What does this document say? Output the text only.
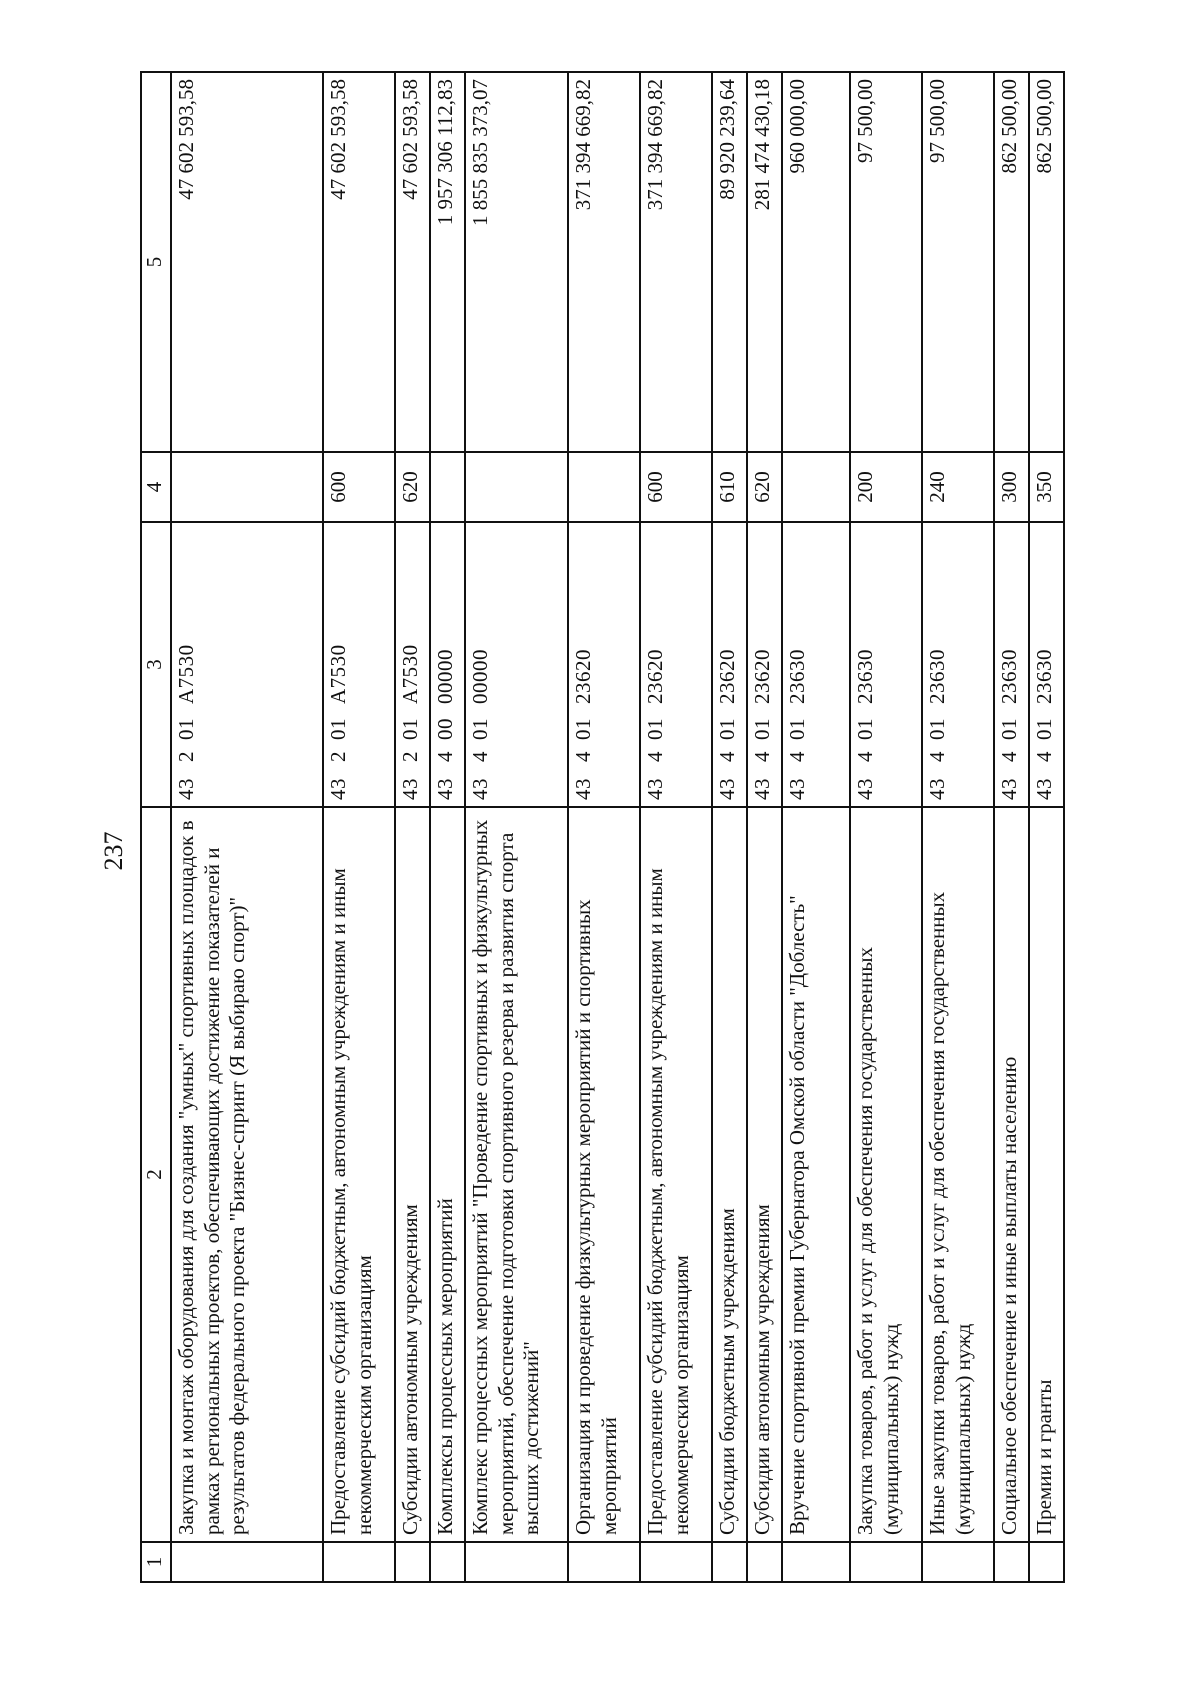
237
1	2	3	4	5
	Закупка и монтаж оборудования для создания "умных" спортивных площадок в рамках региональных проектов, обеспечивающих достижение показателей и результатов федерального проекта "Бизнес-спринт (Я выбираю спорт)"	43201А7530		47 602 593,58
	Предоставление субсидий бюджетным, автономным учреждениям и иным некоммерческим организациям	43201А7530	600	47 602 593,58
	Субсидии автономным учреждениям	43201А7530	620	47 602 593,58
	Комплексы процессных мероприятий	4340000000		1 957 306 112,83
	Комплекс процессных мероприятий "Проведение спортивных и физкультурных мероприятий, обеспечение подготовки спортивного резерва и развития спорта высших достижений"	4340100000		1 855 835 373,07
	Организация и проведение физкультурных мероприятий и спортивных мероприятий	4340123620		371 394 669,82
	Предоставление субсидий бюджетным, автономным учреждениям и иным некоммерческим организациям	4340123620	600	371 394 669,82
	Субсидии бюджетным учреждениям	4340123620	610	89 920 239,64
	Субсидии автономным учреждениям	4340123620	620	281 474 430,18
	Вручение спортивной премии Губернатора Омской области "Доблесть"	4340123630		960 000,00
	Закупка товаров, работ и услуг для обеспечения государственных (муниципальных) нужд	4340123630	200	97 500,00
	Иные закупки товаров, работ и услуг для обеспечения государственных (муниципальных) нужд	4340123630	240	97 500,00
	Социальное обеспечение и иные выплаты населению	4340123630	300	862 500,00
	Премии и гранты	4340123630	350	862 500,00
